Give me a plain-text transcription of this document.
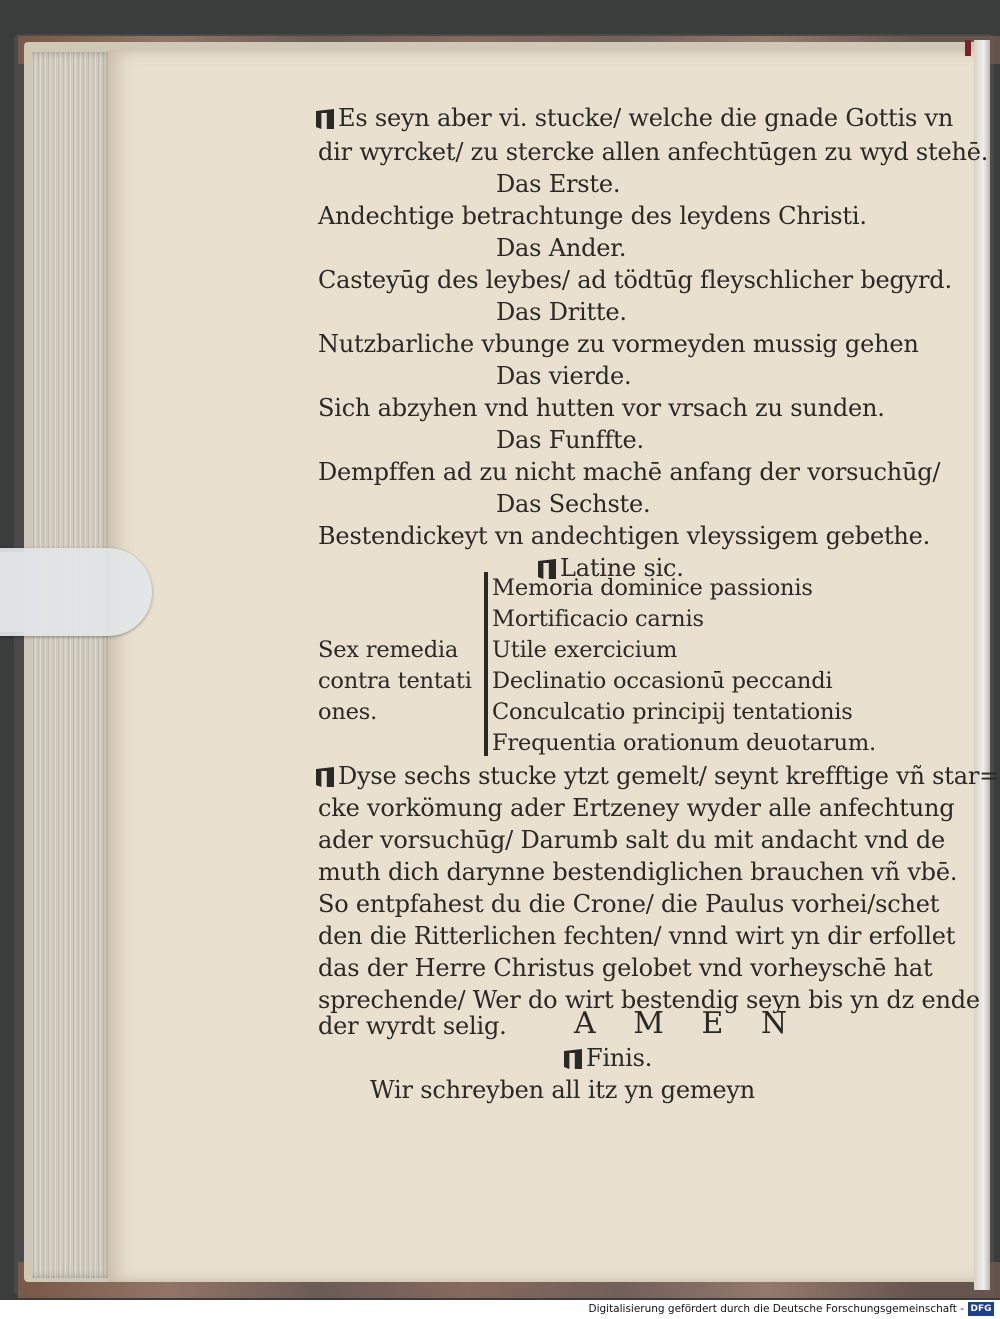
Es seyn aber vi. stucke/ welche die gnade Gottis vn
dir wyrcket/ zu stercke allen anfechtūgen zu wyd stehē.
Das Erste.
Andechtige betrachtunge des leydens Christi.
Das Ander.
Casteyūg des leybes/ ad tödtūg fleyschlicher begyrd.
Das Dritte.
Nutzbarliche vbunge zu vormeyden mussig gehen
Das vierde.
Sich abzyhen vnd hutten vor vrsach zu sunden.
Das Funffte.
Dempffen ad zu nicht machē anfang der vorsuchūg/
Das Sechste.
Bestendickeyt vn andechtigen vleyssigem gebethe.
Latine sic.
Memoria dominice passionis
Mortificacio carnis
Utile exercicium
Declinatio occasionū peccandi
Conculcatio principij tentationis
Frequentia orationum deuotarum.
Sex remedia
contra tentati
ones.
Dyse sechs stucke ytzt gemelt/ seynt krefftige vñ star=
cke vorkömung ader Ertzeney wyder alle anfechtung
ader vorsuchūg/ Darumb salt du mit andacht vnd de
muth dich darynne bestendiglichen brauchen vñ vbē.
So entpfahest du die Crone/ die Paulus vorhei/schet
den die Ritterlichen fechten/ vnnd wirt yn dir erfollet
das der Herre Christus gelobet vnd vorheyschē hat
sprechende/ Wer do wirt bestendig seyn bis yn dz ende
der wyrdt selig. A M E N
Finis.
Wir schreyben all itz yn gemeyn
Digitalisierung gefördert durch die Deutsche Forschungsgemeinschaft - DFG
